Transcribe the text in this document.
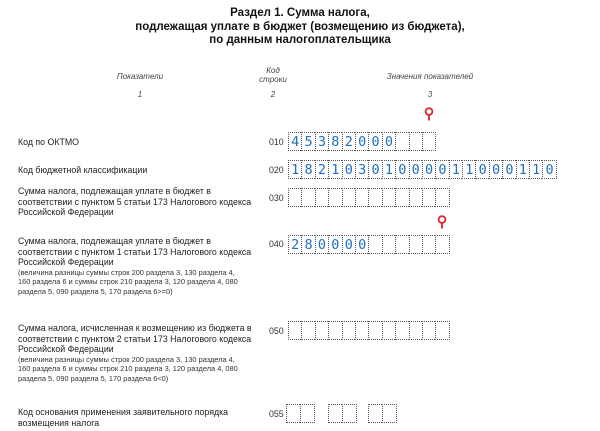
Раздел 1. Сумма налога,
подлежащая уплате в бюджет (возмещению из бюджета),
по данным налогоплательщика
Показатели
1
Код
строки
2
Значения показателей
3
Код по ОКТМО	010 4 5 3 8 2 0 0 0
Код бюджетной классификации	020 1 8 2 1 0 3 0 1 0 0 0 0 1 1 0 0 0 1 1 0
Сумма налога, подлежащая уплате в бюджет в
соответствии с пунктом 5 статьи 173 Налогового кодекса
Российской Федерации
030
Сумма налога, подлежащая уплате в бюджет в
соответствии с пунктом 1 статьи 173 Налогового кодекса
Российской Федерации
(величина разницы суммы строк 200 раздела 3, 130 раздела 4,
160 раздела 6 и суммы строк 210 раздела 3, 120 раздела 4, 080
раздела 5, 090 раздела 5, 170 раздела 6>=0)
040 2 8 0 0 0 0
Сумма налога, исчисленная к возмещению из бюджета в
соответствии с пунктом 2 статьи 173 Налогового кодекса
Российской Федерации
(величина разницы суммы строк 200 раздела 3, 130 раздела 4,
160 раздела 6 и суммы строк 210 раздела 3, 120 раздела 4, 080
раздела 5, 090 раздела 5, 170 раздела 6<0)
050
Код основания применения заявительного порядка
возмещения налога
055
